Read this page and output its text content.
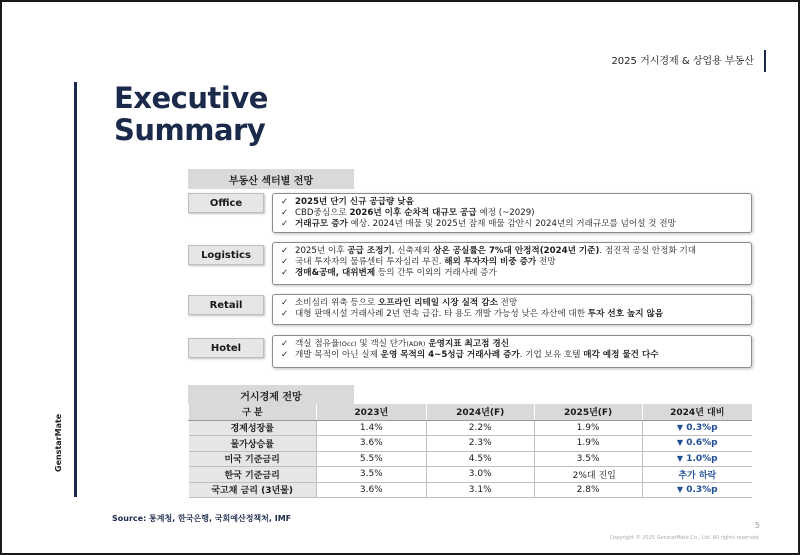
2025 거시경제 & 상업용 부동산
GenstarMate
Executive
Summary
부동산 섹터별 전망
Office	✓ 2025년 단기 신규 공급량 낮음
✓ CBD중심으로 2026년 이후 순차적 대규모 공급 예정 (~2029)
✓ 거래규모 증가 예상. 2024년 매물 및 2025년 잠재 매물 감안시 2024년의 거래규모를 넘어설 것 전망
Logistics	✓ 2025년 이후 공급 조정기, 신축제외 상온 공실률은 7%대 안정적(2024년 기준). 점진적 공실 안정화 기대
✓ 국내 투자자의 물류센터 투자심리 부진. 해외 투자자의 비중 증가 전망
✓ 경매&공매, 대위변제 등의 간투 이외의 거래사례 증가
Retail	✓ 소비심리 위축 등으로 오프라인 리테일 시장 실적 감소 전망
✓ 대형 판매시설 거래사례 2년 연속 급감. 타 용도 개발 가능성 낮은 자산에 대한 투자 선호 높지 않음
Hotel	✓ 객실 점유율(Occ) 및 객실 단가(ADR) 운영지표 최고점 경신
✓ 개발 목적이 아닌 실제 운영 목적의 4~5성급 거래사례 증가. 기업 보유 호텔 매각 예정 물건 다수
거시경제 전망
구 분	2023년	2024년(F)	2025년(F)	2024년 대비
경제성장률	1.4%	2.2%	1.9%	▼ 0.3%p
물가상승률	3.6%	2.3%	1.9%	▼ 0.6%p
미국 기준금리	5.5%	4.5%	3.5%	▼ 1.0%p
한국 기준금리	3.5%	3.0%	2%대 진입	추가 하락
국고채 금리 (3년물)	3.6%	3.1%	2.8%	▼ 0.3%p
Source: 통계청, 한국은행, 국회예산정책처, IMF
5
Copyright © 2025 GenstarMate Co., Ltd. All rights reserved.
